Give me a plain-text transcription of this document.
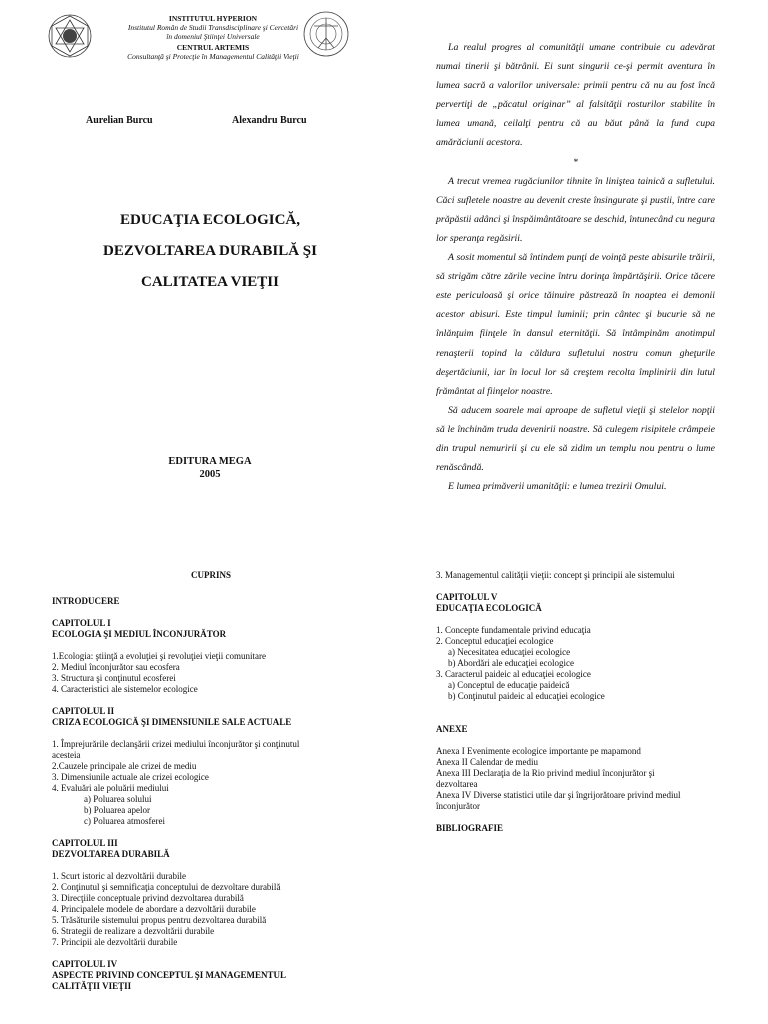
INSTITUTUL HYPERION
Institutul Român de Studii Transdisciplinare şi Cercetări
în domeniul Ştiinţei Universale
CENTRUL ARTEMIS
Consultanţă şi Protecţie în Managementul Calităţii Vieţii
Aurelian Burcu	Alexandru Burcu
EDUCAŢIA ECOLOGICĂ,
DEZVOLTAREA DURABILĂ ŞI
CALITATEA VIEŢII
EDITURA MEGA
2005

La realul progres al comunităţii umane contribuie cu adevărat numai tinerii şi bătrânii. Ei sunt singurii ce-şi permit aventura în lumea sacră a valorilor universale: primii pentru că nu au fost încă pervertiţi de „păcatul originar” al falsităţii rosturilor stabilite în lumea umană, ceilalţi pentru că au băut până la fund cupa amărăciunii acestora.

*

A trecut vremea rugăciunilor tihnite în liniştea tainică a sufletului. Căci sufletele noastre au devenit creste însingurate şi pustii, între care prăpăstii adânci şi înspăimântătoare se deschid, întunecând cu negura lor speranţa regăsirii.

A sosit momentul să întindem punţi de voinţă peste abisurile trăirii, să strigăm către zările vecine întru dorinţa împărtăşirii. Orice tăcere este periculoasă şi orice tăinuire păstrează în noaptea ei demonii acestor abisuri. Este timpul luminii; prin cântec şi bucurie să ne înlănţuim fiinţele în dansul eternităţii. Să întâmpinăm anotimpul renaşterii topind la căldura sufletului nostru comun gheţurile deşertăciunii, iar în locul lor să creştem recolta împlinirii din lutul frământat al fiinţelor noastre.

Să aducem soarele mai aproape de sufletul vieţii şi stelelor nopţii să le închinăm truda devenirii noastre. Să culegem risipitele crâmpeie din trupul nemuririi şi cu ele să zidim un templu nou pentru o lume renăscândă.

E lumea primăverii umanităţii: e lumea trezirii Omului.

CUPRINS
INTRODUCERE
CAPITOLUL I
ECOLOGIA ŞI MEDIUL ÎNCONJURĂTOR
1.Ecologia: ştiinţă a evoluţiei şi revoluţiei vieţii comunitare
2. Mediul înconjurător sau ecosfera
3. Structura şi conţinutul ecosferei
4. Caracteristici ale sistemelor ecologice
CAPITOLUL II
CRIZA ECOLOGICĂ ŞI DIMENSIUNILE SALE ACTUALE
1. Împrejurările declanşării crizei mediului înconjurător şi conţinutul
acesteia
2.Cauzele principale ale crizei de mediu
3. Dimensiunile actuale ale crizei ecologice
4. Evaluări ale poluării mediului
a) Poluarea solului
b) Poluarea apelor
c) Poluarea atmosferei
CAPITOLUL III
DEZVOLTAREA DURABILĂ
1. Scurt istoric al dezvoltării durabile
2. Conţinutul şi semnificaţia conceptului de dezvoltare durabilă
3. Direcţiile conceptuale privind dezvoltarea durabilă
4. Principalele modele de abordare a dezvoltării durabile
5. Trăsăturile sistemului propus pentru dezvoltarea durabilă
6. Strategii de realizare a dezvoltării durabile
7. Principii ale dezvoltării durabile
CAPITOLUL IV
ASPECTE PRIVIND CONCEPTUL ŞI MANAGEMENTUL
CALITĂŢII VIEŢII
3. Managementul calităţii vieţii: concept şi principii ale sistemului
CAPITOLUL V
EDUCAŢIA ECOLOGICĂ
1. Concepte fundamentale privind educaţia
2. Conceptul educaţiei ecologice
a) Necesitatea educaţiei ecologice
b) Abordări ale educaţiei ecologice
3. Caracterul paideic al educaţiei ecologice
a) Conceptul de educaţie paideică
b) Conţinutul paideic al educaţiei ecologice
ANEXE
Anexa I Evenimente ecologice importante pe mapamond
Anexa II Calendar de mediu
Anexa III Declaraţia de la Rio privind mediul înconjurător şi
dezvoltarea
Anexa IV Diverse statistici utile dar şi îngrijorătoare privind mediul
înconjurător
BIBLIOGRAFIE
